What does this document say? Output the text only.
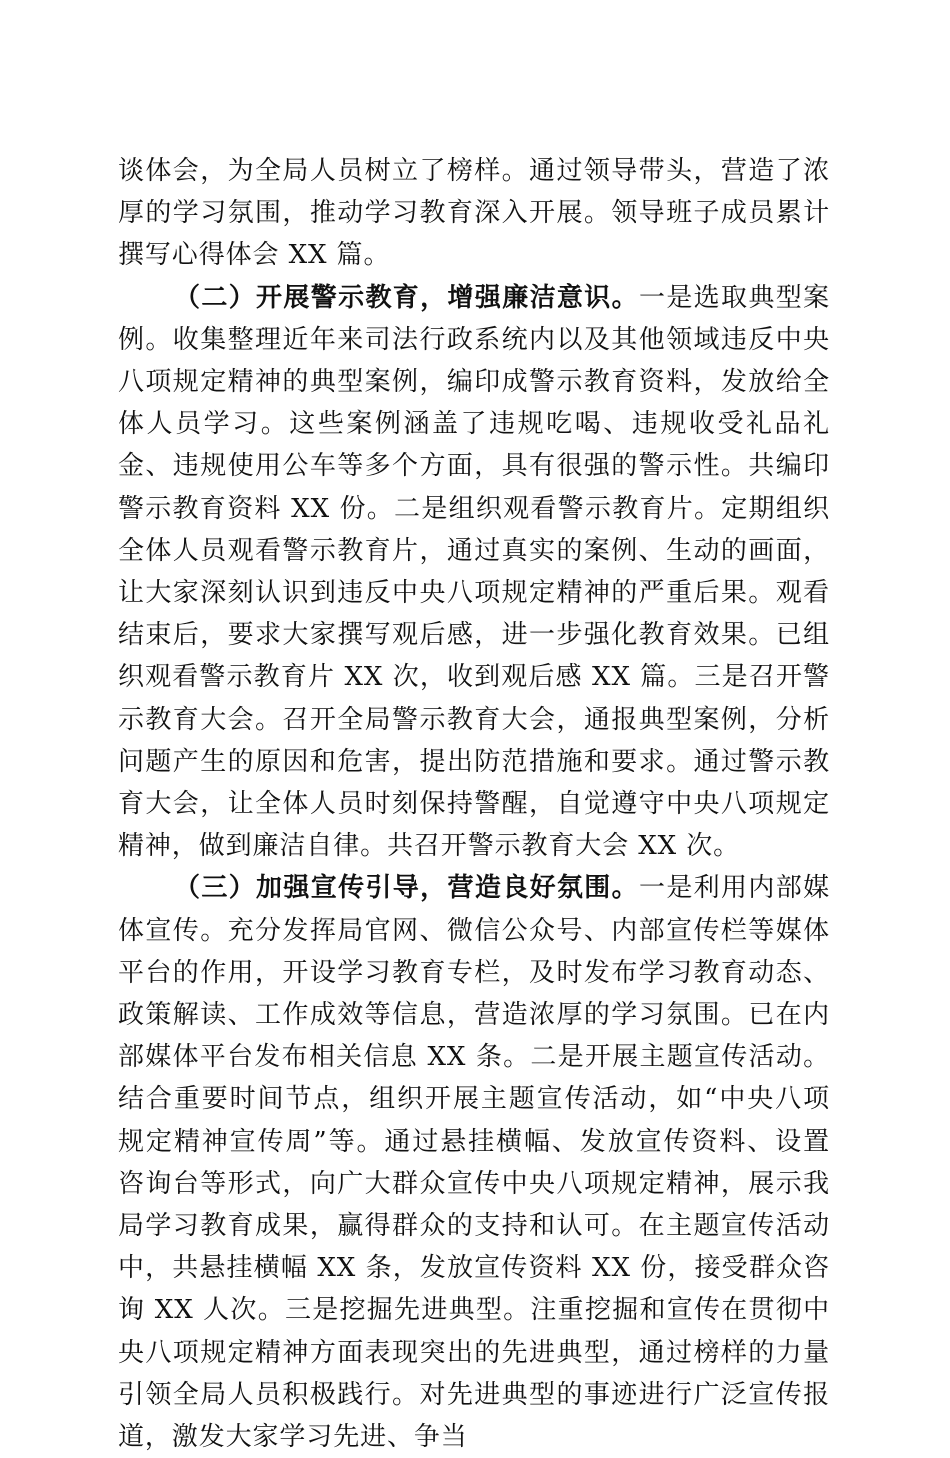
谈体会，为全局人员树立了榜样。通过领导带头，营造了浓厚的学习氛围，推动学习教育深入开展。领导班子成员累计撰写心得体会 XX 篇。

（二）开展警示教育，增强廉洁意识。一是选取典型案例。收集整理近年来司法行政系统内以及其他领域违反中央八项规定精神的典型案例，编印成警示教育资料，发放给全体人员学习。这些案例涵盖了违规吃喝、违规收受礼品礼金、违规使用公车等多个方面，具有很强的警示性。共编印警示教育资料 XX 份。二是组织观看警示教育片。定期组织全体人员观看警示教育片，通过真实的案例、生动的画面，让大家深刻认识到违反中央八项规定精神的严重后果。观看结束后，要求大家撰写观后感，进一步强化教育效果。已组织观看警示教育片 XX 次，收到观后感 XX 篇。三是召开警示教育大会。召开全局警示教育大会，通报典型案例，分析问题产生的原因和危害，提出防范措施和要求。通过警示教育大会，让全体人员时刻保持警醒，自觉遵守中央八项规定精神，做到廉洁自律。共召开警示教育大会 XX 次。

（三）加强宣传引导，营造良好氛围。一是利用内部媒体宣传。充分发挥局官网、微信公众号、内部宣传栏等媒体平台的作用，开设学习教育专栏，及时发布学习教育动态、政策解读、工作成效等信息，营造浓厚的学习氛围。已在内部媒体平台发布相关信息 XX 条。二是开展主题宣传活动。结合重要时间节点，组织开展主题宣传活动，如“中央八项规定精神宣传周”等。通过悬挂横幅、发放宣传资料、设置咨询台等形式，向广大群众宣传中央八项规定精神，展示我局学习教育成果，赢得群众的支持和认可。在主题宣传活动中，共悬挂横幅 XX 条，发放宣传资料 XX 份，接受群众咨询 XX 人次。三是挖掘先进典型。注重挖掘和宣传在贯彻中央八项规定精神方面表现突出的先进典型，通过榜样的力量引领全局人员积极践行。对先进典型的事迹进行广泛宣传报道，激发大家学习先进、争当
